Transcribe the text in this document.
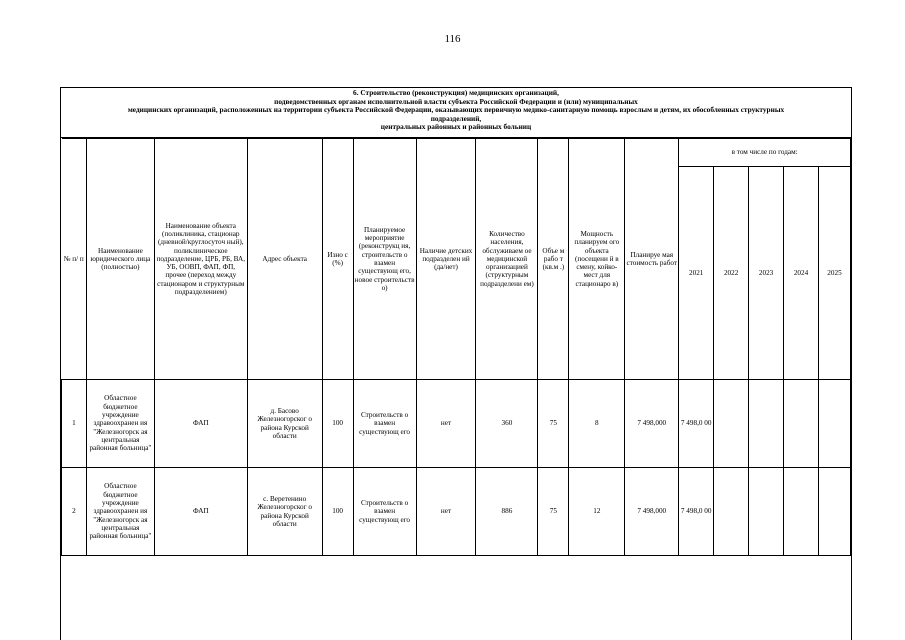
116
6. Строительство (реконструкция) медицинских организаций,
подведомственных органам исполнительной власти субъекта Российской Федерации и (или) муниципальных
медицинских организаций, расположенных на территории субъекта Российской Федерации, оказывающих первичную медико-санитарную помощь взрослым и детям, их обособленных структурных
подразделений,
центральных районных и районных больниц
№ п/ п	Наименование юридического лица (полностью)	Наименование объекта (поликлиника, стационар (дневной/круглосуточ ный), поликлиническое подразделение, ЦРБ, РБ, ВА, УБ, ООВП, ФАП, ФП, прочее (переход между стационаром и структурным подразделением)	Адрес объекта	Изно с (%)	Планируемое мероприятие (реконструкц ия, строительств о взамен существующ его, новое строительств о)	Наличие детских подразделен ий (да/нет)	Количество населения, обслуживаем ое медицинской организацией (структурным подразделени ем)	Объе м рабо т (кв.м .)	Мощность планируем ого объекта (посещени й в смену, койко-мест для стационаро в)	Планируе мая стоимость работ	в том числе по годам:				
											2021	2022	2023	2024	2025
1	Областное бюджетное учреждение здравоохранен ия "Железногорск ая центральная районная больница"	ФАП	д. Басово Железногорског о района Курской области	100	Строительств о взамен существующ его	нет	360	75	8	7 498,000	7 498,0 00				
2	Областное бюджетное учреждение здравоохранен ия "Железногорск ая центральная районная больница"	ФАП	с. Веретенино Железногорског о района Курской области	100	Строительств о взамен существующ его	нет	886	75	12	7 498,000	7 498,0 00				
